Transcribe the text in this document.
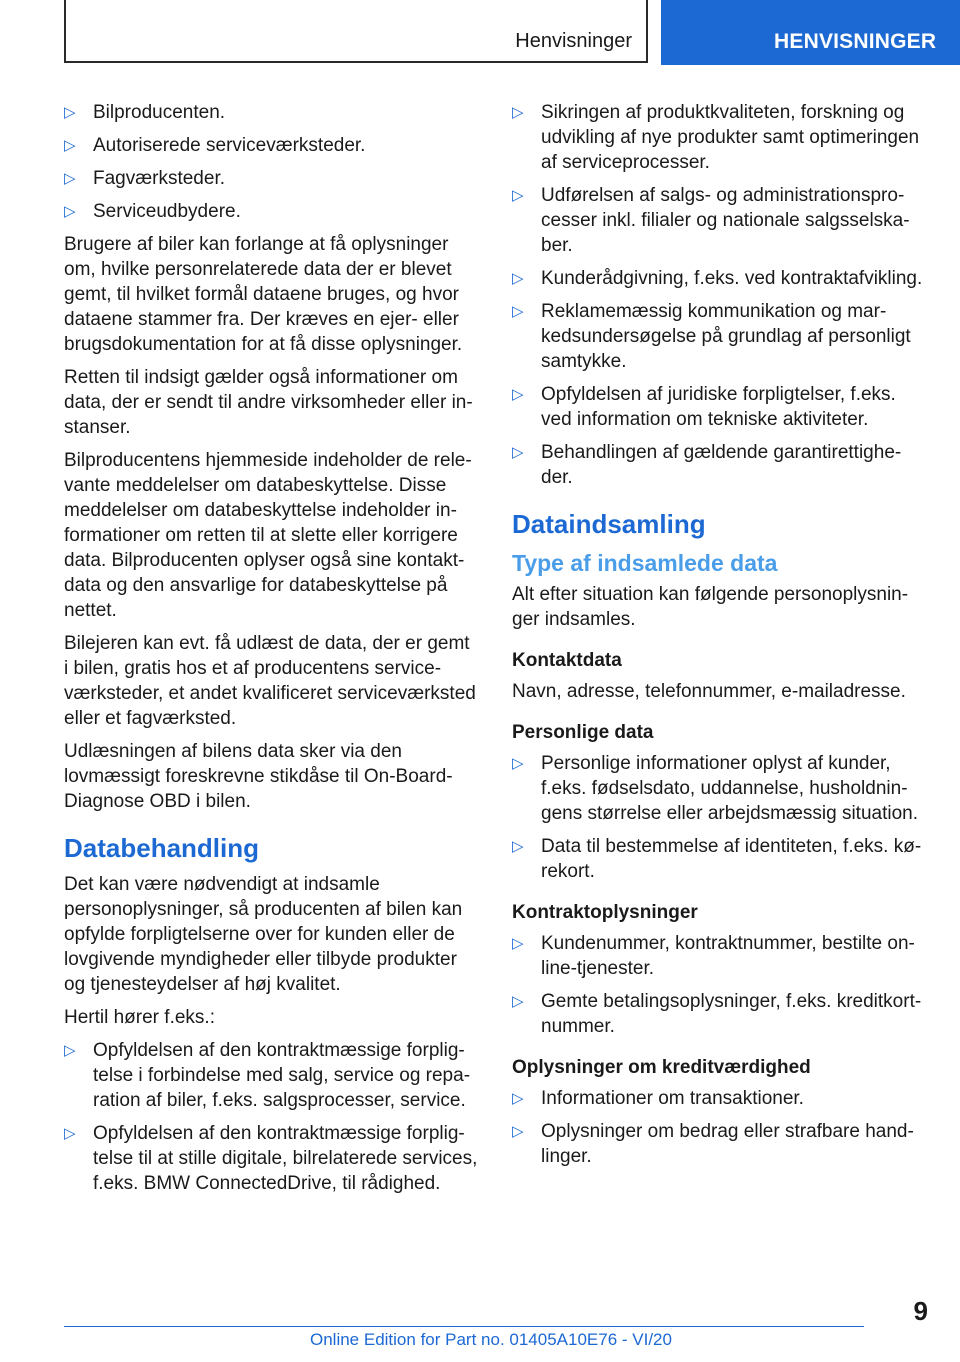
Henvisninger	HENVISNINGER
▷ Bilproducenten.
▷ Autoriserede serviceværksteder.
▷ Fagværksteder.
▷ Serviceudbydere.

Brugere af biler kan forlange at få oplysninger om, hvilke personrelaterede data der er blevet gemt, til hvilket formål dataene bruges, og hvor dataene stammer fra. Der kræves en ejer- eller brugsdokumentation for at få disse oplysninger.

Retten til indsigt gælder også informationer om data, der er sendt til andre virksomheder eller instanser.

Bilproducentens hjemmeside indeholder de relevante meddelelser om databeskyttelse. Disse meddelelser om databeskyttelse indeholder informationer om retten til at slette eller korrigere data. Bilproducenten oplyser også sine kontaktdata og den ansvarlige for databeskyttelse på nettet.

Bilejeren kan evt. få udlæst de data, der er gemt i bilen, gratis hos et af producentens serviceværksteder, et andet kvalificeret serviceværksted eller et fagværksted.

Udlæsningen af bilens data sker via den lovmæssigt foreskrevne stikdåse til On-Board-Diagnose OBD i bilen.

Databehandling

Det kan være nødvendigt at indsamle personoplysninger, så producenten af bilen kan opfylde forpligtelserne over for kunden eller de lovgivende myndigheder eller tilbyde produkter og tjenesteydelser af høj kvalitet.

Hertil hører f.eks.:

▷ Opfyldelsen af den kontraktmæssige forpligtelse i forbindelse med salg, service og reparation af biler, f.eks. salgsprocesser, service.
▷ Opfyldelsen af den kontraktmæssige forpligtelse til at stille digitale, bilrelaterede services, f.eks. BMW ConnectedDrive, til rådighed.
▷ Sikringen af produktkvaliteten, forskning og udvikling af nye produkter samt optimeringen af serviceprocesser.
▷ Udførelsen af salgs- og administrationsprocesser inkl. filialer og nationale salgsselskaber.
▷ Kunderådgivning, f.eks. ved kontraktafvikling.
▷ Reklamemæssig kommunikation og markedsundersøgelse på grundlag af personligt samtykke.
▷ Opfyldelsen af juridiske forpligtelser, f.eks. ved information om tekniske aktiviteter.
▷ Behandlingen af gældende garantirettigheder.
Dataindsamling
Type af indsamlede data

Alt efter situation kan følgende personoplysninger indsamles.

Kontaktdata

Navn, adresse, telefonnummer, e-mailadresse.

Personlige data
▷ Personlige informationer oplyst af kunder, f.eks. fødselsdato, uddannelse, husholdningens størrelse eller arbejdsmæssig situation.
▷ Data til bestemmelse af identiteten, f.eks. kørekort.
Kontraktoplysninger
▷ Kundenummer, kontraktnummer, bestilte online-tjenester.
▷ Gemte betalingsoplysninger, f.eks. kreditkortnummer.
Oplysninger om kreditværdighed
▷ Informationer om transaktioner.
▷ Oplysninger om bedrag eller strafbare handlinger.
9
Online Edition for Part no. 01405A10E76 - VI/20
